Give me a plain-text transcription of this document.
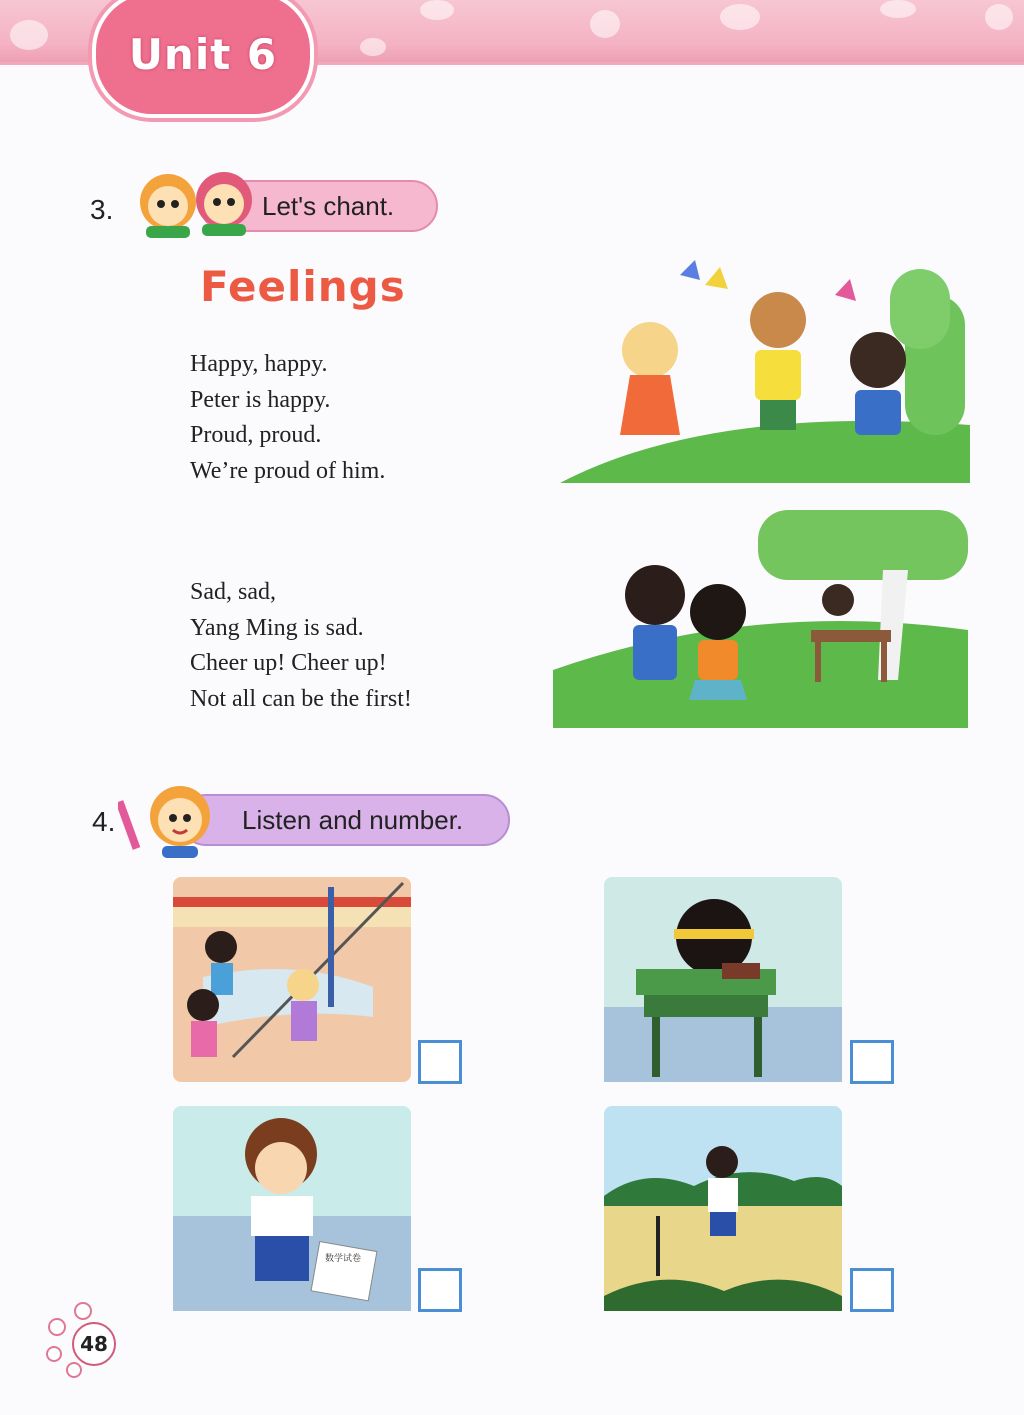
Unit 6
3.	Let's chant.
Feelings
Happy, happy.
Peter is happy.
Proud, proud.
We’re proud of him.
Sad, sad,
Yang Ming is sad.
Cheer up! Cheer up!
Not all can be the first!
4.	Listen and number.
数学试卷
48
